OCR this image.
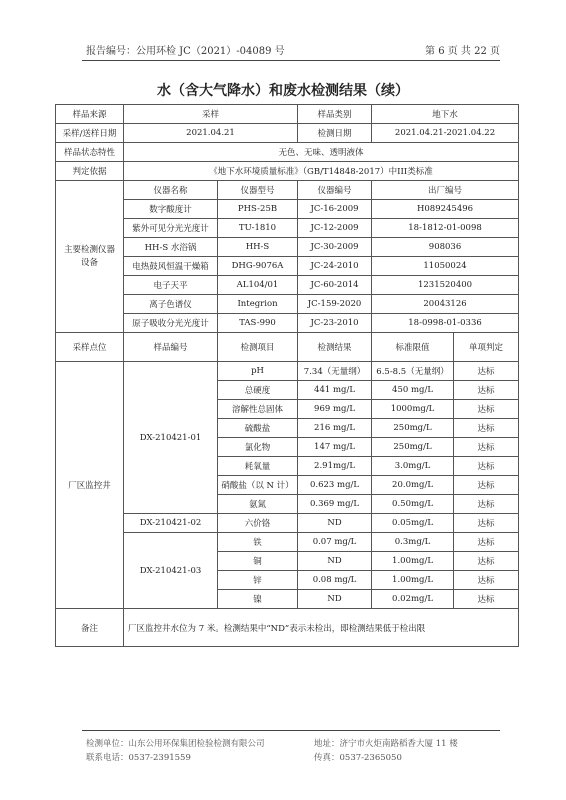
报告编号：公用环检 JC（2021）-04089 号	第 6 页 共 22 页
水（含大气降水）和废水检测结果（续）
样品来源	采样		样品类别	地下水	
采样/送样日期	2021.04.21		检测日期	2021.04.21-2021.04.22	
样品状态特性	无色、无味、透明液体				
判定依据	《地下水环境质量标准》（GB/T14848-2017）中III类标准				
主要检测仪器设备	仪器名称	仪器型号	仪器编号	出厂编号	
	数字酸度计	PHS-25B	JC-16-2009	H089245496	
	紫外可见分光光度计	TU-1810	JC-12-2009	18-1812-01-0098	
	HH-S 水浴锅	HH-S	JC-30-2009	908036	
	电热鼓风恒温干燥箱	DHG-9076A	JC-24-2010	11050024	
	电子天平	AL104/01	JC-60-2014	1231520400	
	离子色谱仪	Integrion	JC-159-2020	20043126	
	原子吸收分光光度计	TAS-990	JC-23-2010	18-0998-01-0336	
采样点位	样品编号	检测项目	检测结果	标准限值	单项判定
厂区监控井	DX-210421-01	pH	7.34（无量纲）	6.5-8.5（无量纲）	达标
		总硬度	441 mg/L	450 mg/L	达标
		溶解性总固体	969 mg/L	1000mg/L	达标
		硫酸盐	216 mg/L	250mg/L	达标
		氯化物	147 mg/L	250mg/L	达标
		耗氧量	2.91mg/L	3.0mg/L	达标
		硝酸盐（以 N 计）	0.623 mg/L	20.0mg/L	达标
		氨氮	0.369 mg/L	0.50mg/L	达标
	DX-210421-02	六价铬	ND	0.05mg/L	达标
	DX-210421-03	铁	0.07 mg/L	0.3mg/L	达标
		铜	ND	1.00mg/L	达标
		锌	0.08 mg/L	1.00mg/L	达标
		镍	ND	0.02mg/L	达标
备注	厂区监控井水位为 7 米。检测结果中“ND”表示未检出，即检测结果低于检出限				
检测单位：山东公用环保集团检验检测有限公司	地址：济宁市火炬南路稻香大厦 11 楼
联系电话：0537-2391559	传真：0537-2365050
